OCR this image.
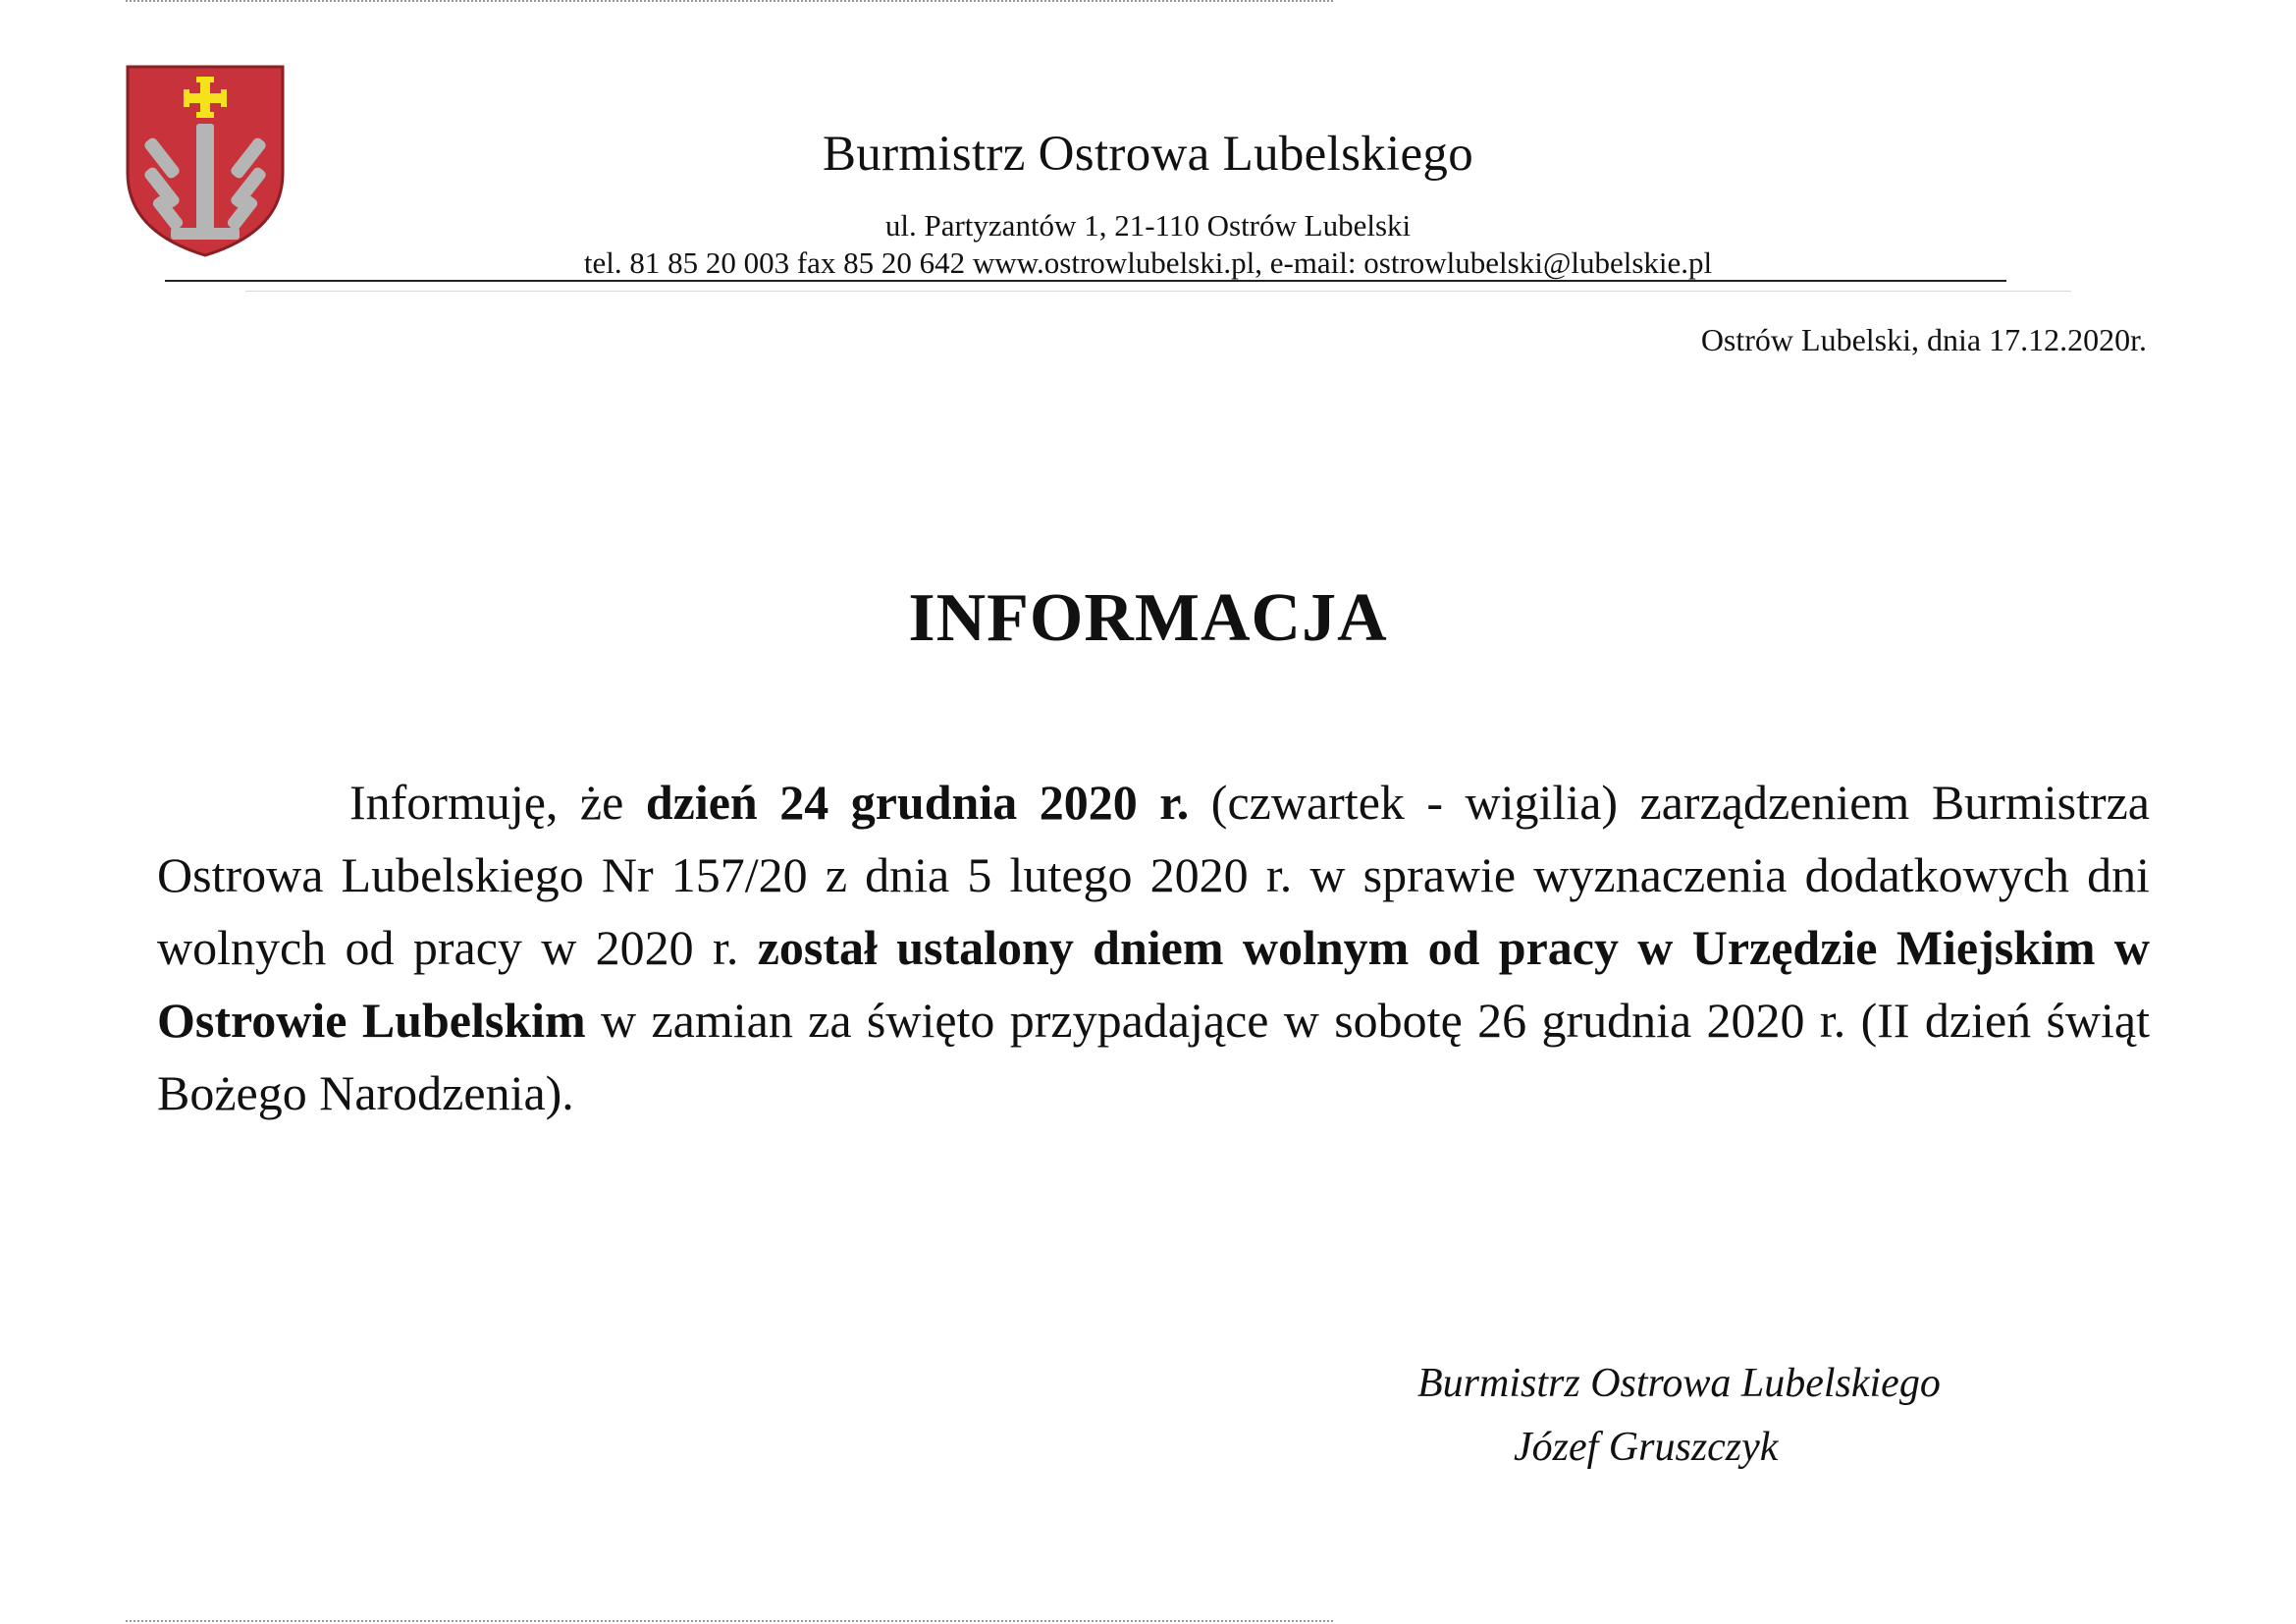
Burmistrz Ostrowa Lubelskiego
ul. Partyzantów 1, 21-110 Ostrów Lubelski
tel. 81 85 20 003 fax 85 20 642 www.ostrowlubelski.pl, e-mail: ostrowlubelski@lubelskie.pl
Ostrów Lubelski, dnia 17.12.2020r.
INFORMACJA
Informuję, że dzień 24 grudnia 2020 r. (czwartek - wigilia) zarządzeniem Burmistrza Ostrowa Lubelskiego Nr 157/20 z dnia 5 lutego 2020 r. w sprawie wyznaczenia dodatkowych dni wolnych od pracy w 2020 r. został ustalony dniem wolnym od pracy w Urzędzie Miejskim w Ostrowie Lubelskim w zamian za święto przypadające w sobotę 26 grudnia 2020 r. (II dzień świąt Bożego Narodzenia).
Burmistrz Ostrowa Lubelskiego
Józef Gruszczyk
